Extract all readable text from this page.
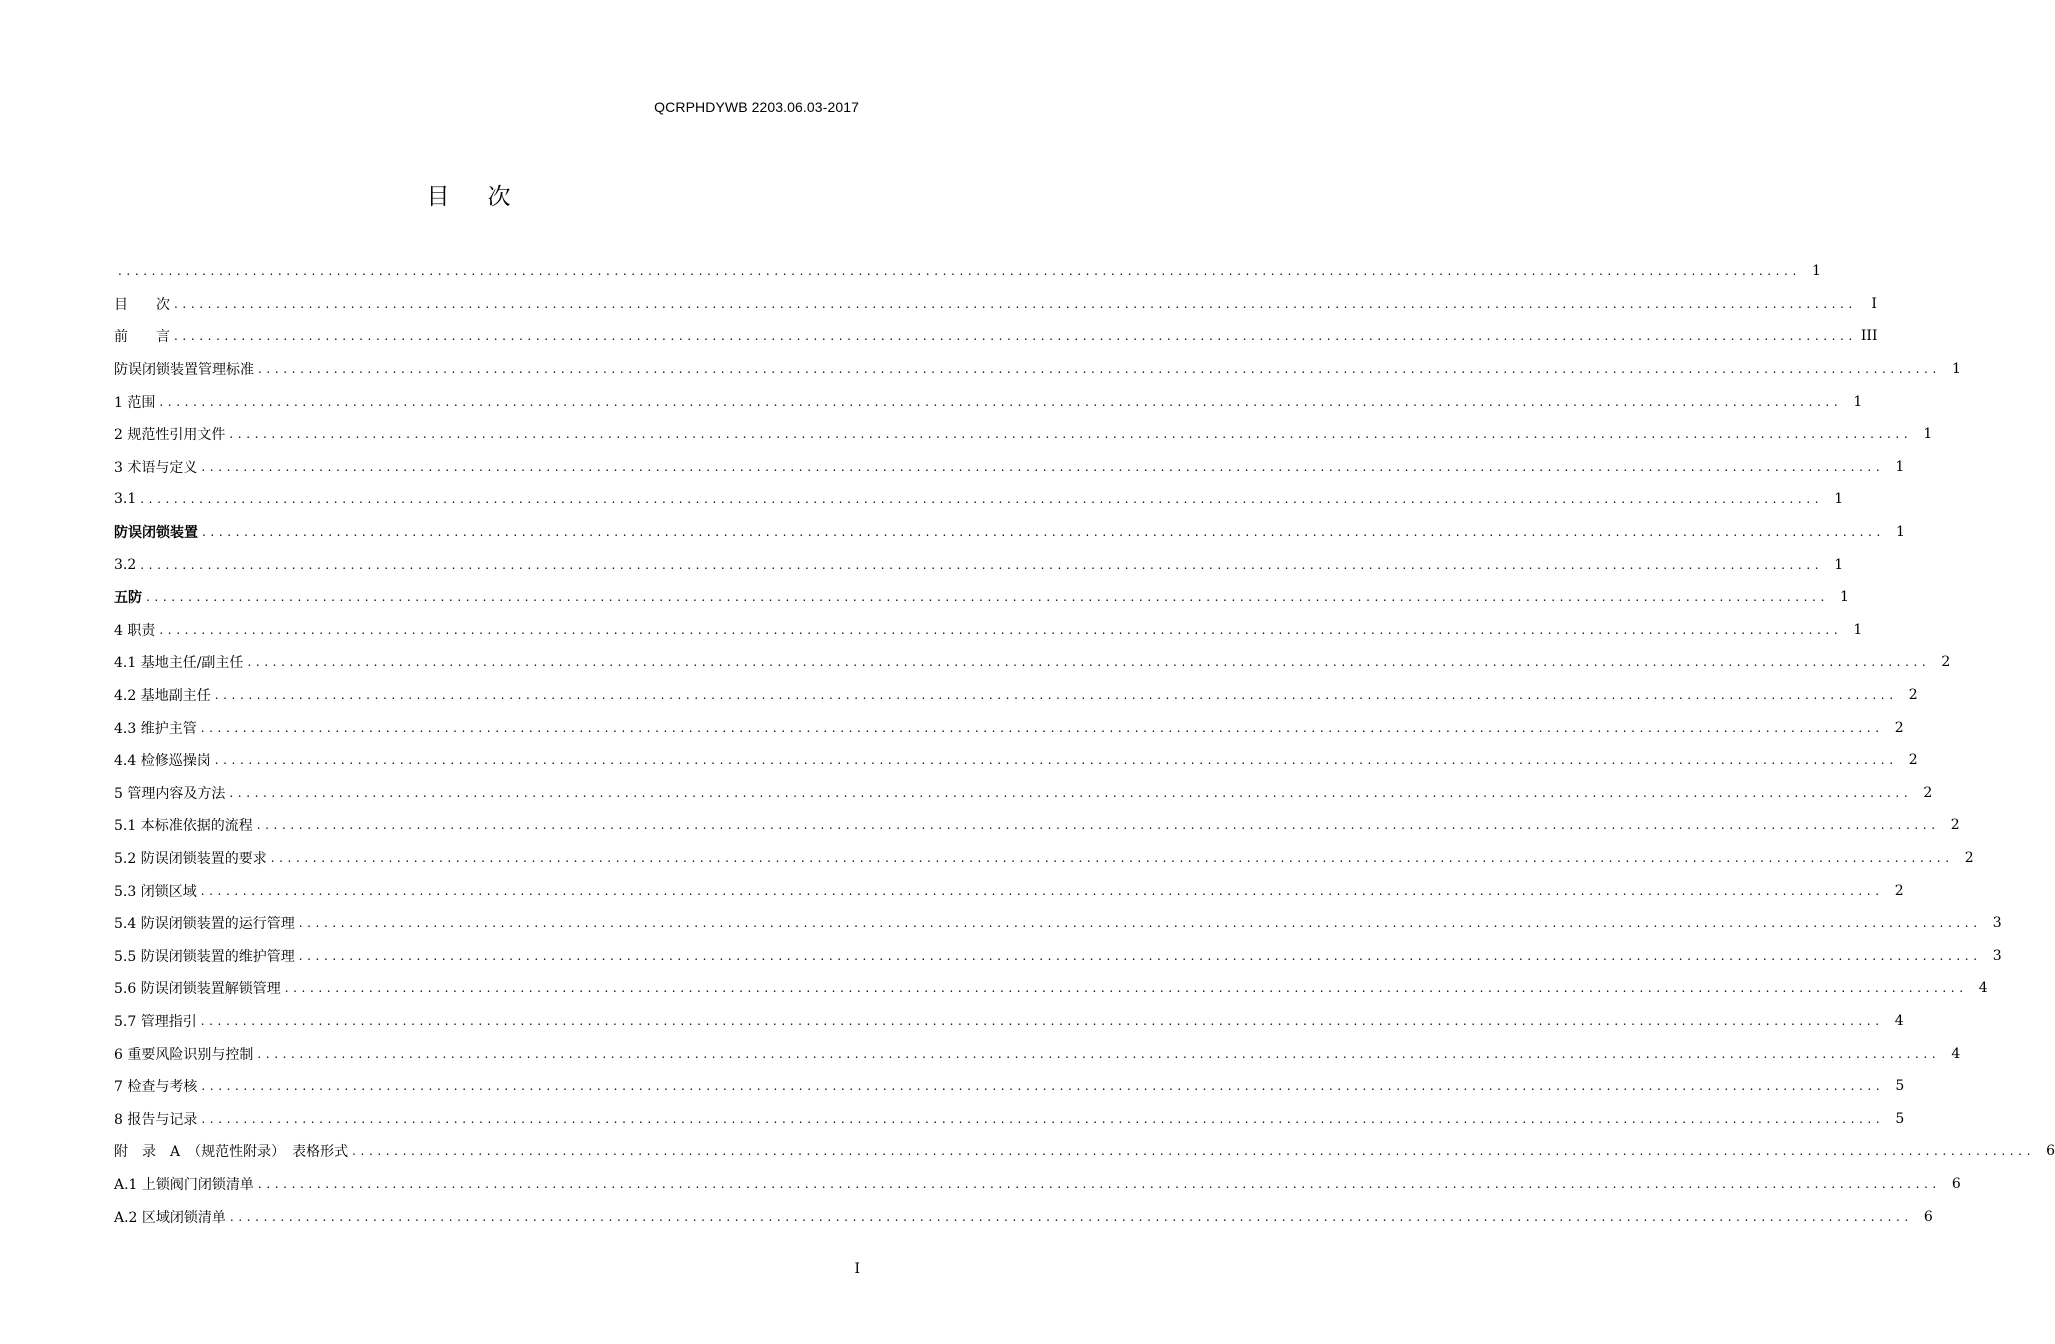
QCRPHDYWB 2203.06.03-2017
目次
........................................................................................................................................................................................................ 1
目　　次 ........................................................................................................................................................................................................	I
前　　言 ........................................................................................................................................................................................................ III
防误闭锁装置管理标准 ........................................................................................................................................................................................................ 1
1 范围 ........................................................................................................................................................................................................ 1
2 规范性引用文件 ........................................................................................................................................................................................................ 1
3 术语与定义 ........................................................................................................................................................................................................ 1
3.1 ........................................................................................................................................................................................................ 1
防误闭锁装置 ........................................................................................................................................................................................................ 1
3.2 ........................................................................................................................................................................................................ 1
五防 ........................................................................................................................................................................................................ 1
4 职责 ........................................................................................................................................................................................................ 1
4.1 基地主任/副主任 ........................................................................................................................................................................................................ 2
4.2 基地副主任 ........................................................................................................................................................................................................ 2
4.3 维护主管 ........................................................................................................................................................................................................ 2
4.4 检修巡操岗 ........................................................................................................................................................................................................ 2
5 管理内容及方法 ........................................................................................................................................................................................................ 2
5.1 本标准依据的流程 ........................................................................................................................................................................................................ 2
5.2 防误闭锁装置的要求 ........................................................................................................................................................................................................ 2
5.3 闭锁区域 ........................................................................................................................................................................................................ 2
5.4 防误闭锁装置的运行管理 ........................................................................................................................................................................................................ 3
5.5 防误闭锁装置的维护管理 ........................................................................................................................................................................................................ 3
5.6 防误闭锁装置解锁管理 ........................................................................................................................................................................................................ 4
5.7 管理指引 ........................................................................................................................................................................................................ 4
6 重要风险识别与控制 ........................................................................................................................................................................................................ 4
7 检查与考核 ........................................................................................................................................................................................................ 5
8 报告与记录 ........................................................................................................................................................................................................ 5
附　录　A　（规范性附录）　表格形式 ........................................................................................................................................................................................................ 6
A.1 上锁阀门闭锁清单 ........................................................................................................................................................................................................ 6
A.2 区域闭锁清单 ........................................................................................................................................................................................................ 6
I
